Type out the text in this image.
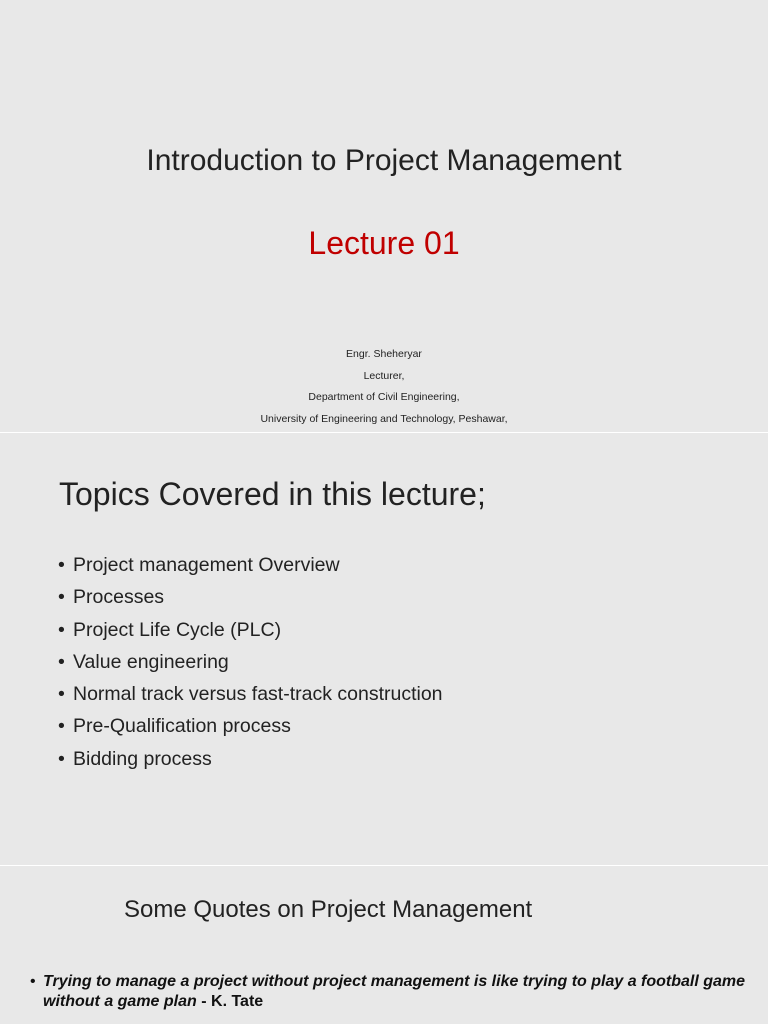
Introduction to Project Management
Lecture 01
Engr. Sheheryar
Lecturer,
Department of Civil Engineering,
University of Engineering and Technology, Peshawar,
Topics Covered in this lecture;
• Project management Overview
• Processes
• Project Life Cycle (PLC)
• Value engineering
• Normal track versus fast-track construction
• Pre-Qualification process
• Bidding process
Some Quotes on Project Management
• Trying to manage a project without project management is like trying to play a football game without a game plan - K. Tate
